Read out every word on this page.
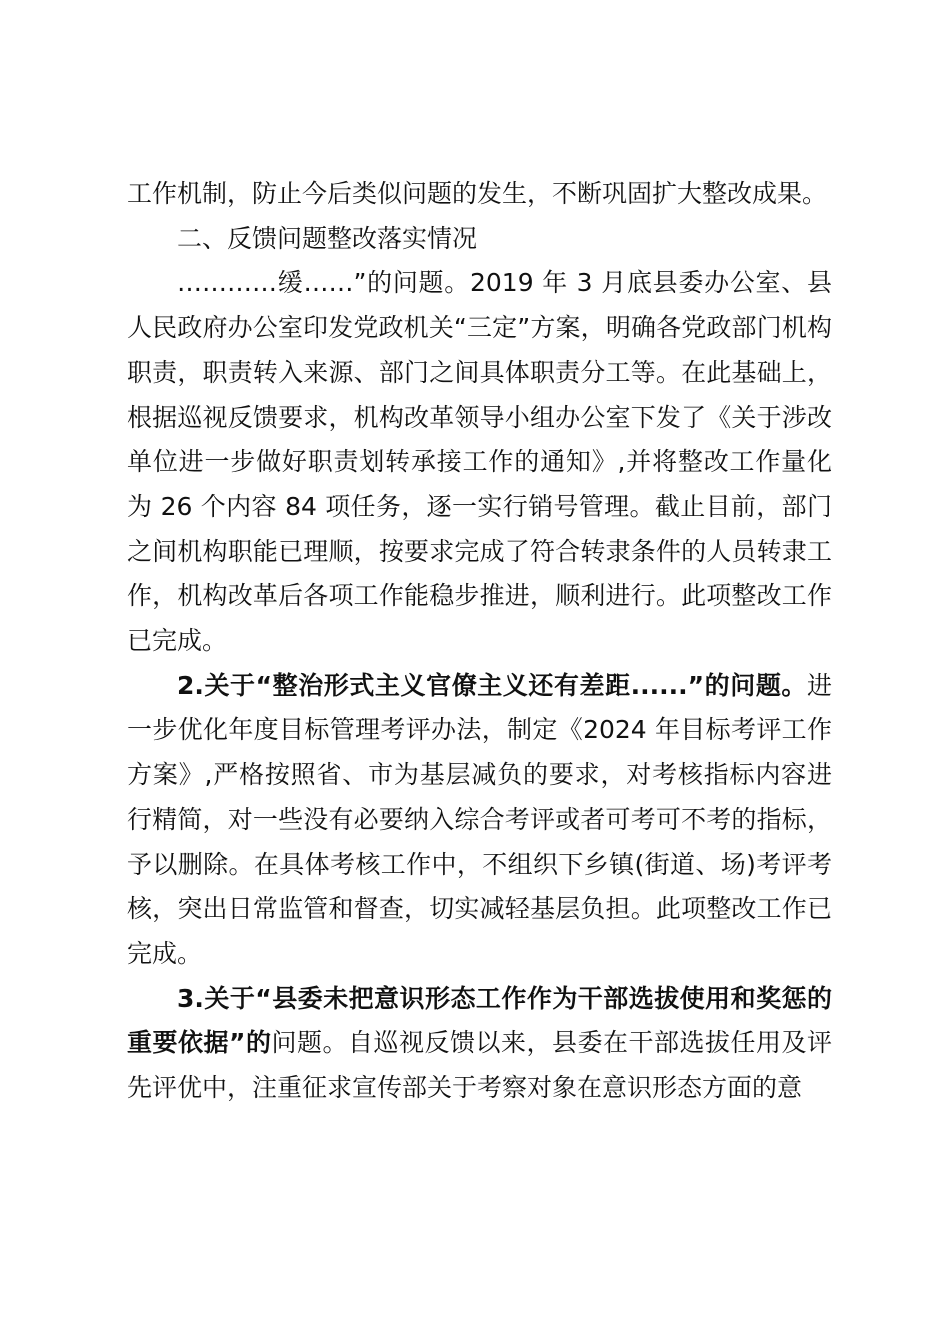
工作机制，防止今后类似问题的发生，不断巩固扩大整改成果。

二、反馈问题整改落实情况

…………缓……”的问题。2019 年 3 月底县委办公室、县人民政府办公室印发党政机关“三定”方案，明确各党政部门机构职责，职责转入来源、部门之间具体职责分工等。在此基础上，根据巡视反馈要求，机构改革领导小组办公室下发了《关于涉改单位进一步做好职责划转承接工作的通知》,并将整改工作量化为 26 个内容 84 项任务，逐一实行销号管理。截止目前，部门之间机构职能已理顺，按要求完成了符合转隶条件的人员转隶工作，机构改革后各项工作能稳步推进，顺利进行。此项整改工作已完成。

2.关于“整治形式主义官僚主义还有差距......”的问题。进一步优化年度目标管理考评办法，制定《2024 年目标考评工作方案》,严格按照省、市为基层减负的要求，对考核指标内容进行精简，对一些没有必要纳入综合考评或者可考可不考的指标，予以删除。在具体考核工作中，不组织下乡镇(街道、场)考评考核，突出日常监管和督查，切实减轻基层负担。此项整改工作已完成。

3.关于“县委未把意识形态工作作为干部选拔使用和奖惩的重要依据”的问题。自巡视反馈以来，县委在干部选拔任用及评先评优中，注重征求宣传部关于考察对象在意识形态方面的意
